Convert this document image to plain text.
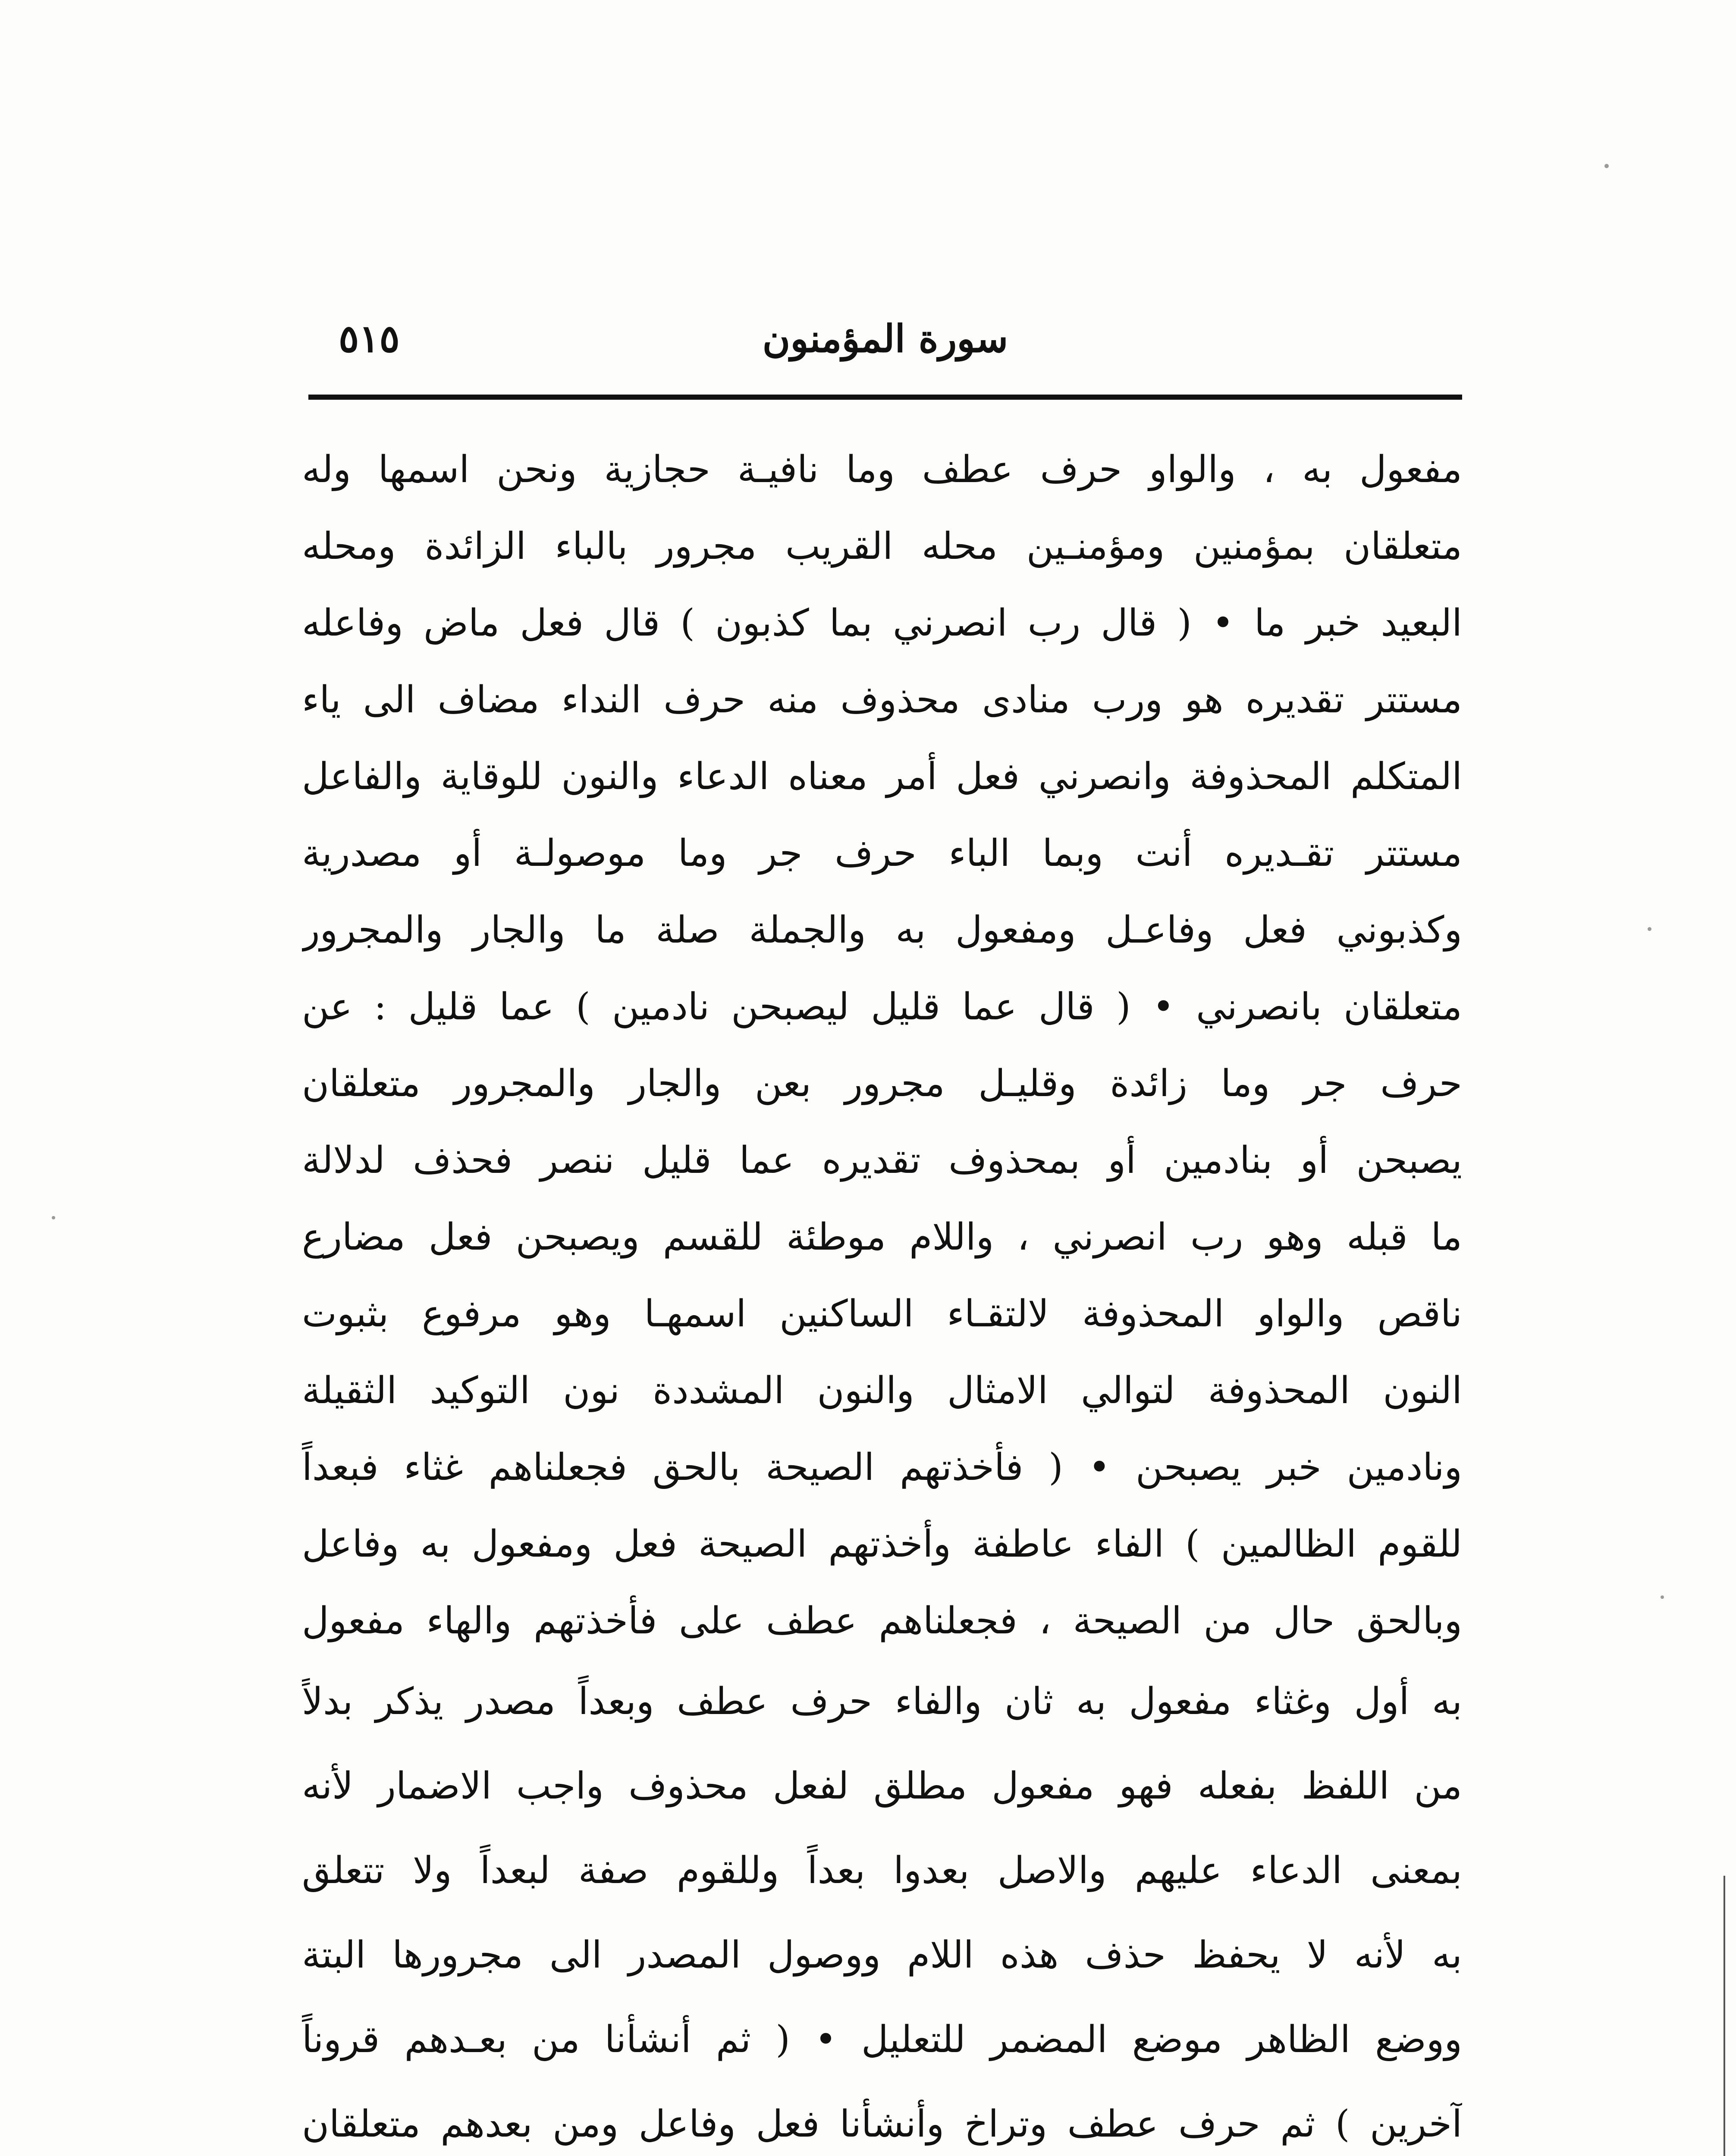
سورة المؤمنون
٥١٥
مفعول به ، والواو حرف عطف وما نافيـة حجازية ونحن اسمها وله
متعلقان بمؤمنين ومؤمنـين محله القريب مجرور بالباء الزائدة ومحله
البعيد خبر ما • ( قال رب انصرني بما كذبون ) قال فعل ماض وفاعله
مستتر تقديره هو ورب منادى محذوف منه حرف النداء مضاف الى ياء
المتكلم المحذوفة وانصرني فعل أمر معناه الدعاء والنون للوقاية والفاعل
مستتر تقـديره أنت وبما الباء حرف جر وما موصولـة أو مصدرية
وكذبوني فعل وفاعـل ومفعول به والجملة صلة ما والجار والمجرور
متعلقان بانصرني • ( قال عما قليل ليصبحن نادمين ) عما قليل : عن
حرف جر وما زائدة وقليـل مجرور بعن والجار والمجرور متعلقان
يصبحن أو بنادمين أو بمحذوف تقديره عما قليل ننصر فحذف لدلالة
ما قبله وهو رب انصرني ، واللام موطئة للقسم ويصبحن فعل مضارع
ناقص والواو المحذوفة لالتقـاء الساكنين اسمهـا وهو مرفوع بثبوت
النون المحذوفة لتوالي الامثال والنون المشددة نون التوكيد الثقيلة
ونادمين خبر يصبحن • ( فأخذتهم الصيحة بالحق فجعلناهم غثاء فبعداً
للقوم الظالمين ) الفاء عاطفة وأخذتهم الصيحة فعل ومفعول به وفاعل
وبالحق حال من الصيحة ، فجعلناهم عطف على فأخذتهم والهاء مفعول
به أول وغثاء مفعول به ثان والفاء حرف عطف وبعداً مصدر يذكر بدلاً
من اللفظ بفعله فهو مفعول مطلق لفعل محذوف واجب الاضمار لأنه
بمعنى الدعاء عليهم والاصل بعدوا بعداً وللقوم صفة لبعداً ولا تتعلق
به لأنه لا يحفظ حذف هذه اللام ووصول المصدر الى مجرورها البتة
ووضع الظاهر موضع المضمر للتعليل • ( ثم أنشأنا من بعـدهم قروناً
آخرين ) ثم حرف عطف وتراخ وأنشأنا فعل وفاعل ومن بعدهم متعلقان
